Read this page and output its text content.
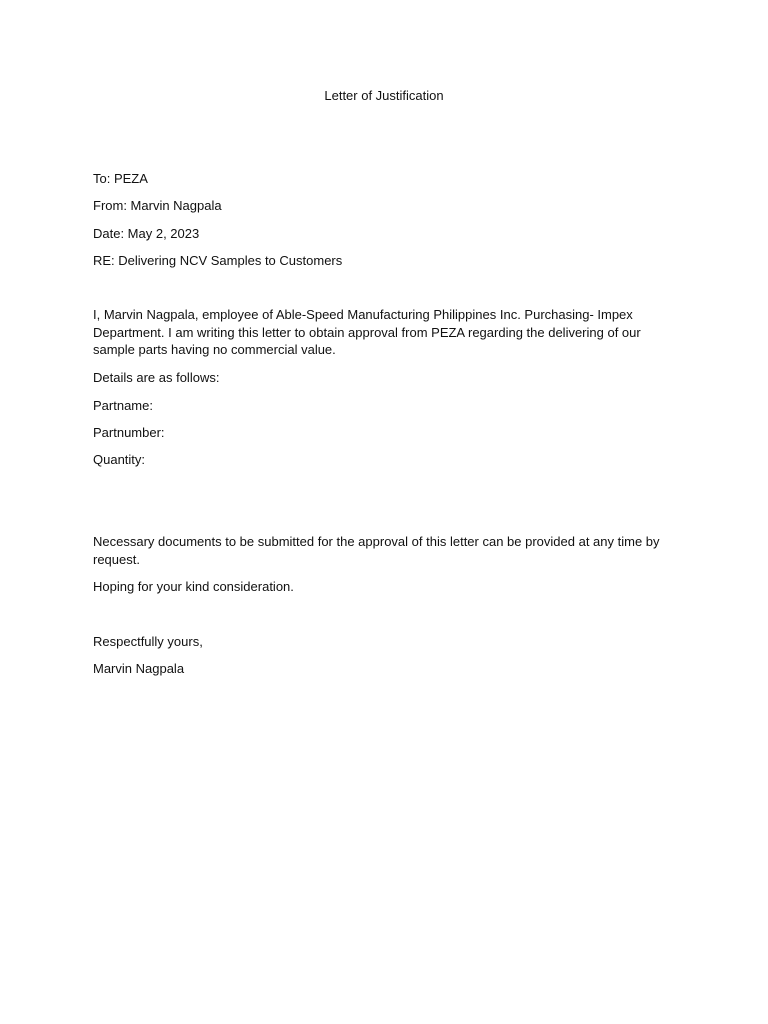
Letter of Justification
To: PEZA
From: Marvin Nagpala
Date: May 2, 2023
RE: Delivering NCV Samples to Customers
I, Marvin Nagpala, employee of Able-Speed Manufacturing Philippines Inc. Purchasing- Impex Department. I am writing this letter to obtain approval from PEZA regarding the delivering of our sample parts having no commercial value.
Details are as follows:
Partname:
Partnumber:
Quantity:
Necessary documents to be submitted for the approval of this letter can be provided at any time by request.
Hoping for your kind consideration.
Respectfully yours,
Marvin Nagpala
